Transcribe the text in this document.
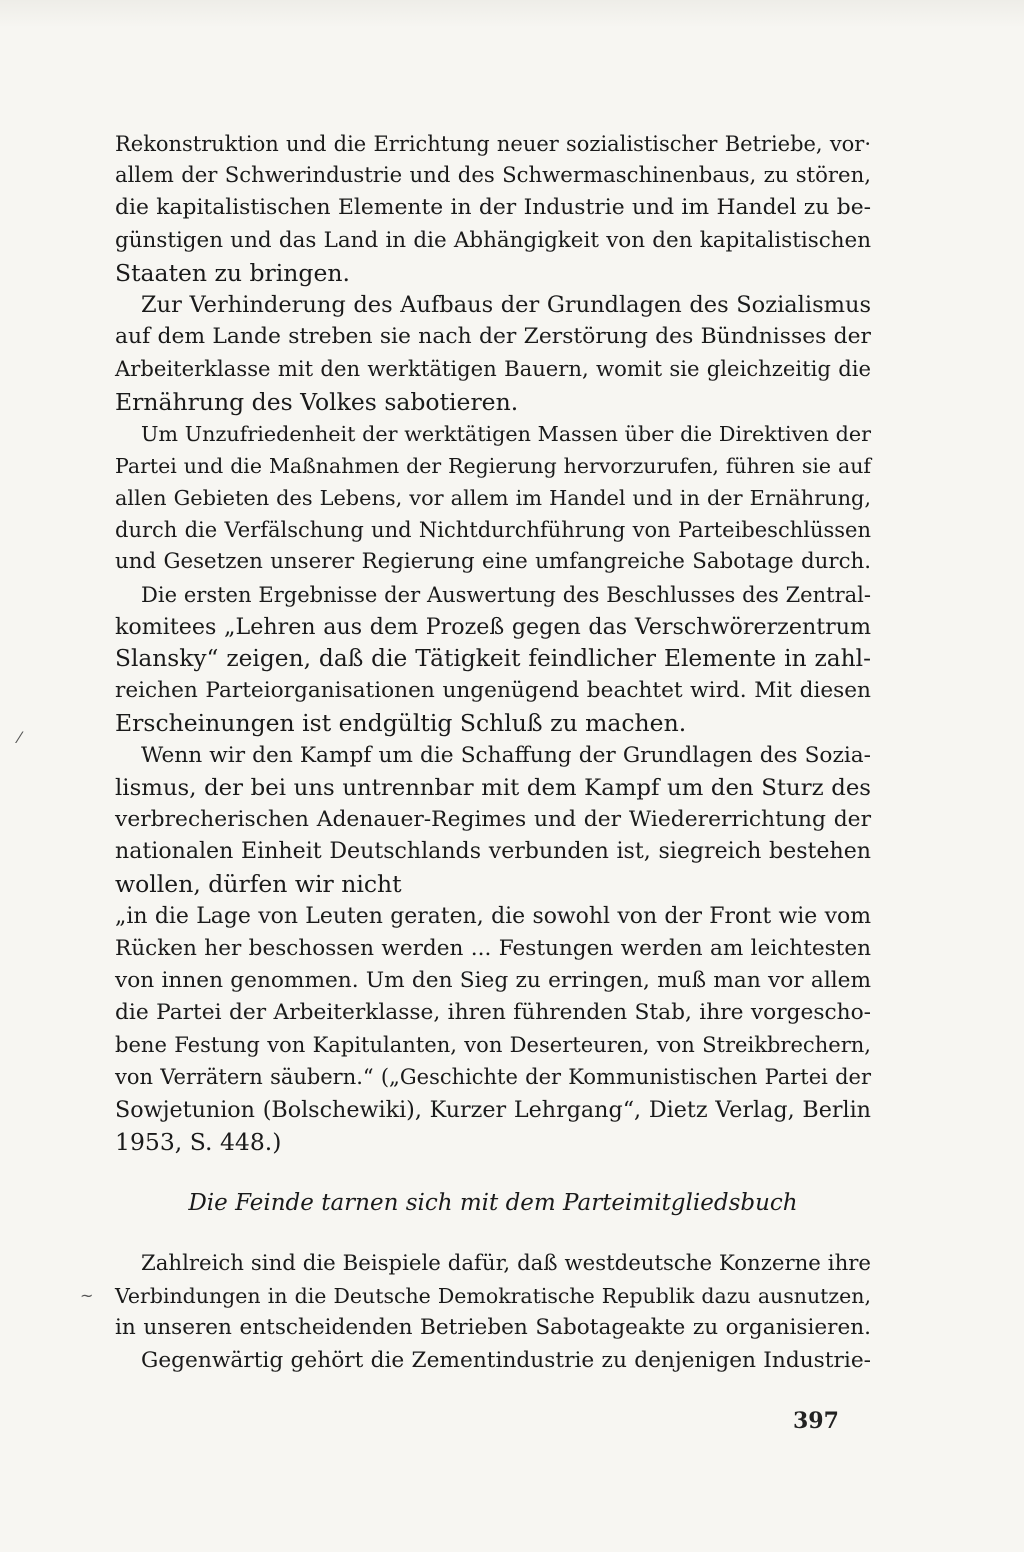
Rekonstruktion und die Errichtung neuer sozialistischer Betriebe, vor·
allem der Schwerindustrie und des Schwermaschinenbaus, zu stören,
die kapitalistischen Elemente in der Industrie und im Handel zu be-
günstigen und das Land in die Abhängigkeit von den kapitalistischen
Staaten zu bringen.
Zur Verhinderung des Aufbaus der Grundlagen des Sozialismus
auf dem Lande streben sie nach der Zerstörung des Bündnisses der
Arbeiterklasse mit den werktätigen Bauern, womit sie gleichzeitig die
Ernährung des Volkes sabotieren.
Um Unzufriedenheit der werktätigen Massen über die Direktiven der
Partei und die Maßnahmen der Regierung hervorzurufen, führen sie auf
allen Gebieten des Lebens, vor allem im Handel und in der Ernährung,
durch die Verfälschung und Nichtdurchführung von Parteibeschlüssen
und Gesetzen unserer Regierung eine umfangreiche Sabotage durch.
Die ersten Ergebnisse der Auswertung des Beschlusses des Zentral-
komitees „Lehren aus dem Prozeß gegen das Verschwörerzentrum
Slansky“ zeigen, daß die Tätigkeit feindlicher Elemente in zahl-
reichen Parteiorganisationen ungenügend beachtet wird. Mit diesen
Erscheinungen ist endgültig Schluß zu machen.
Wenn wir den Kampf um die Schaffung der Grundlagen des Sozia-
lismus, der bei uns untrennbar mit dem Kampf um den Sturz des
verbrecherischen Adenauer-Regimes und der Wiedererrichtung der
nationalen Einheit Deutschlands verbunden ist, siegreich bestehen
wollen, dürfen wir nicht
„in die Lage von Leuten geraten, die sowohl von der Front wie vom
Rücken her beschossen werden ... Festungen werden am leichtesten
von innen genommen. Um den Sieg zu erringen, muß man vor allem
die Partei der Arbeiterklasse, ihren führenden Stab, ihre vorgescho-
bene Festung von Kapitulanten, von Deserteuren, von Streikbrechern,
von Verrätern säubern.“ („Geschichte der Kommunistischen Partei der
Sowjetunion (Bolschewiki), Kurzer Lehrgang“, Dietz Verlag, Berlin
1953, S. 448.)
Die Feinde tarnen sich mit dem Parteimitgliedsbuch
Zahlreich sind die Beispiele dafür, daß westdeutsche Konzerne ihre
Verbindungen in die Deutsche Demokratische Republik dazu ausnutzen,
in unseren entscheidenden Betrieben Sabotageakte zu organisieren.
Gegenwärtig gehört die Zementindustrie zu denjenigen Industrie-
⁄
~
397
